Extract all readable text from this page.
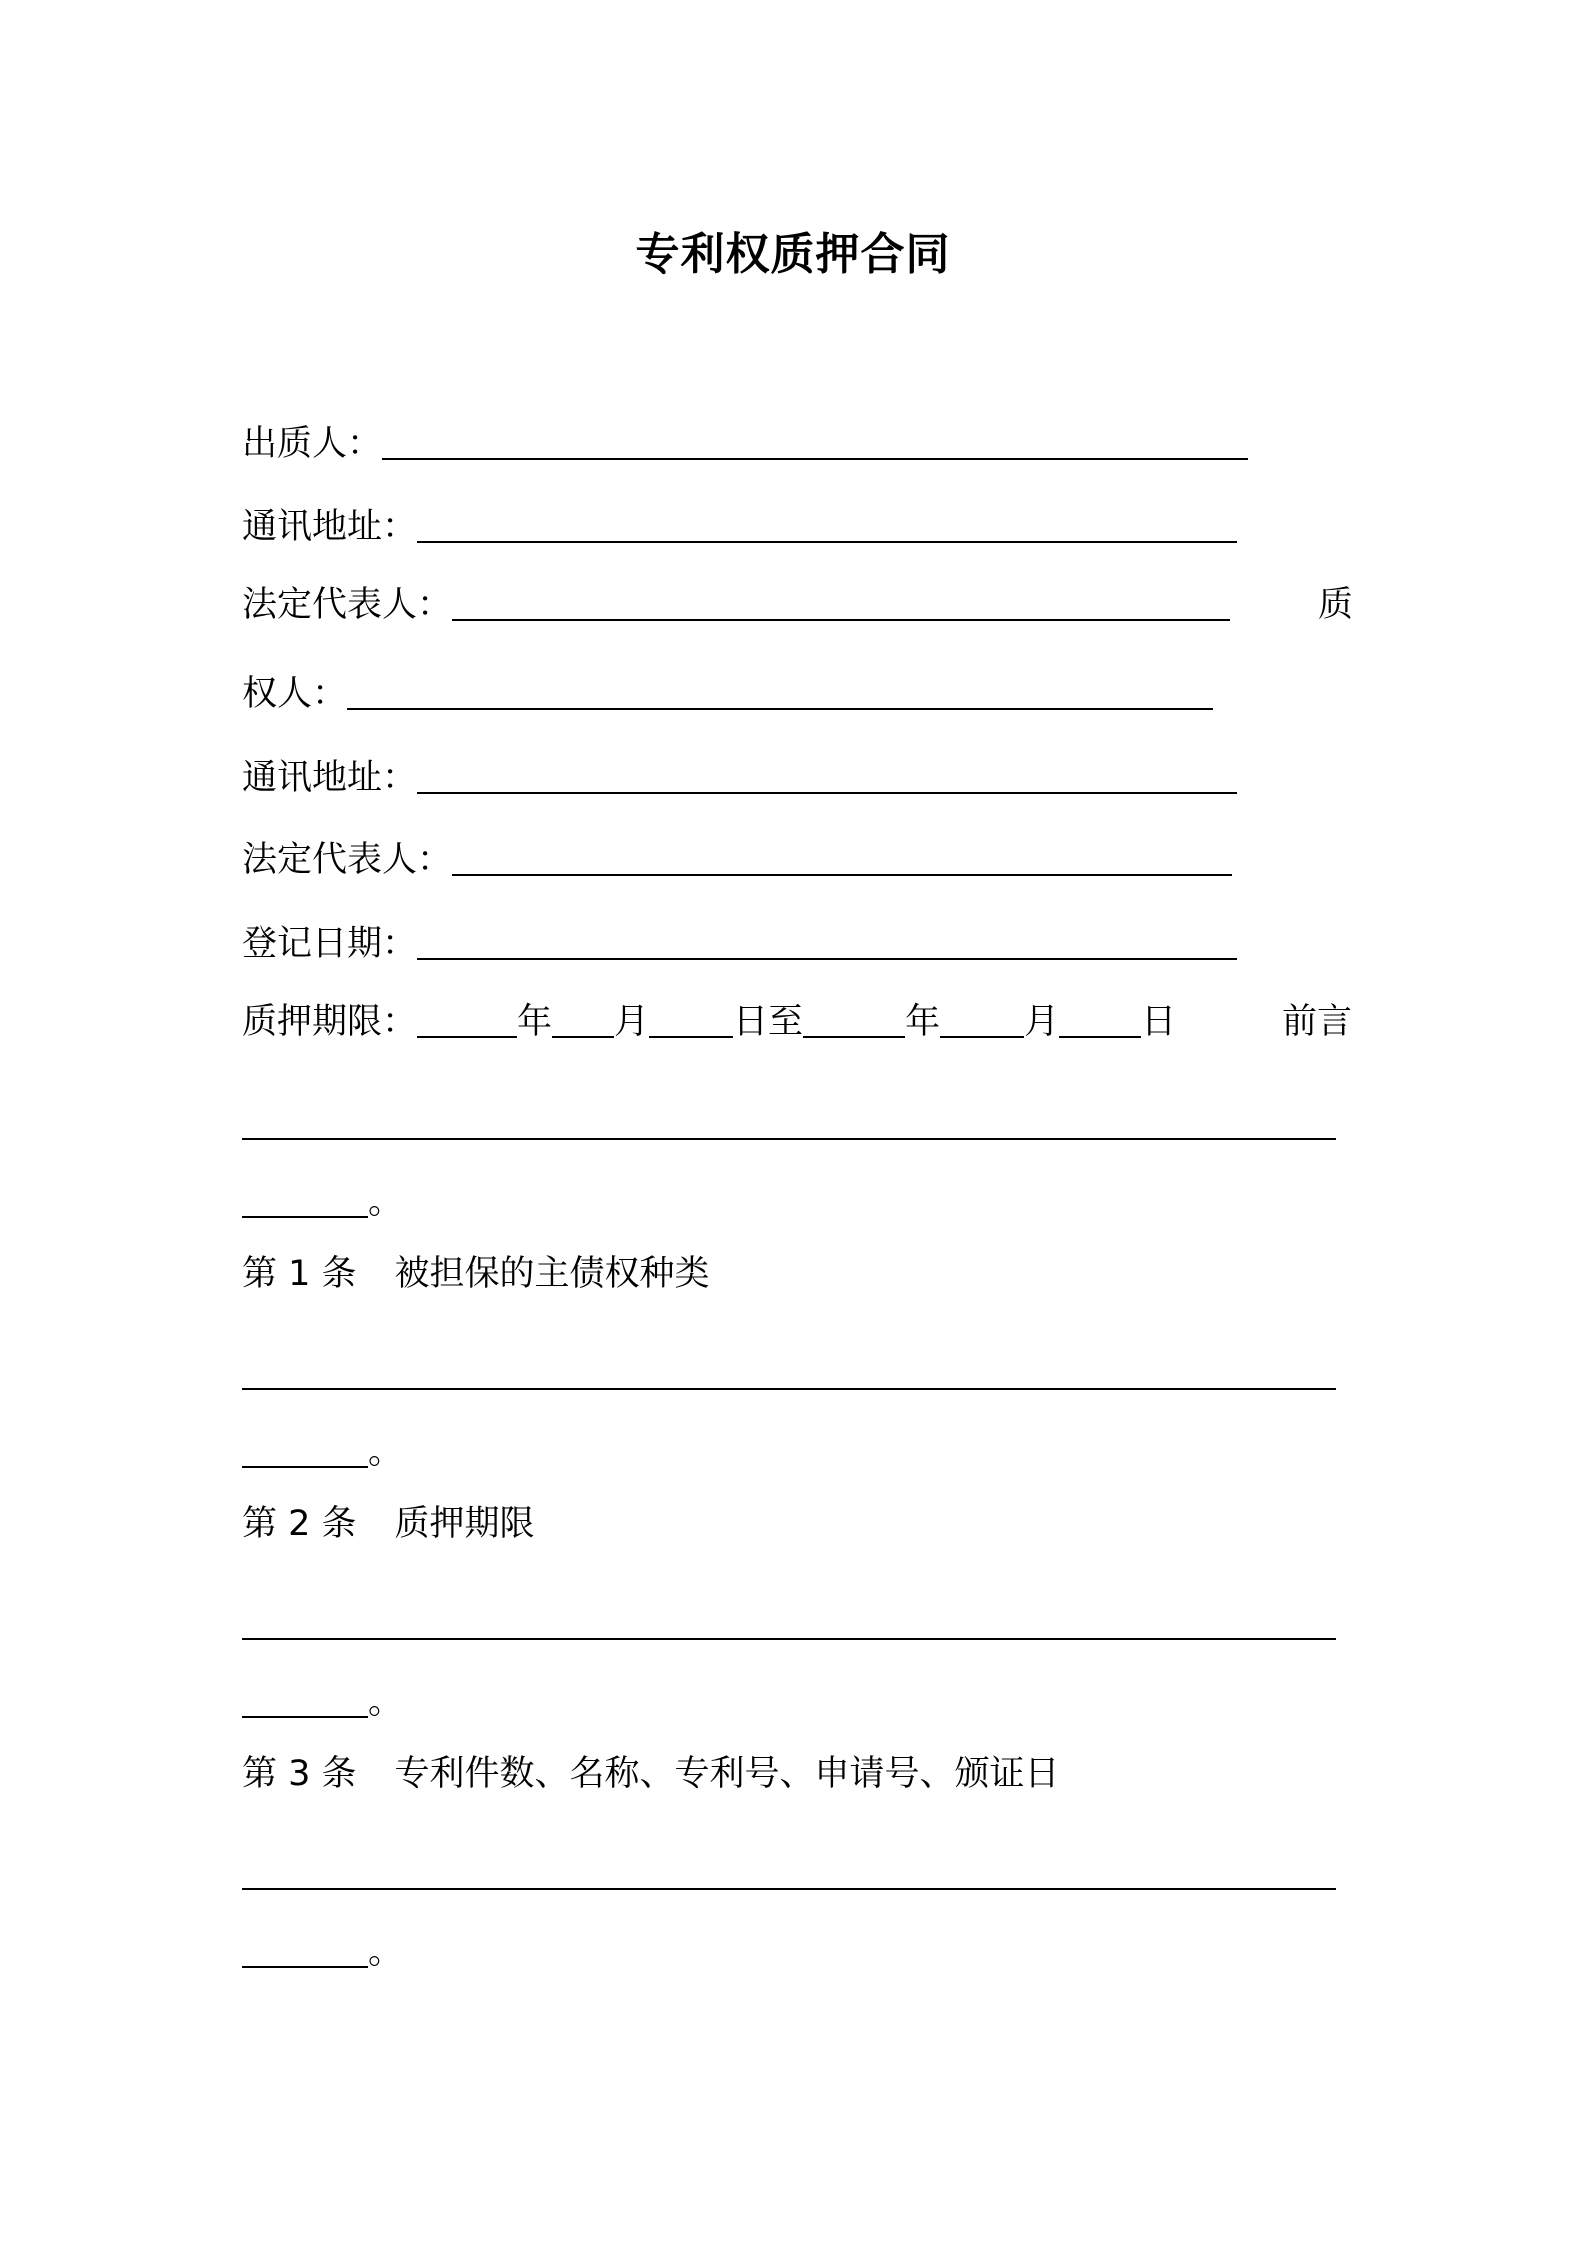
专利权质押合同
出质人：
通讯地址：
法定代表人：	质
权人：
通讯地址：
法定代表人：
登记日期：
质押期限：	年 月 日至	年 月 日	前言
。
第 1 条 被担保的主债权种类
。
第 2 条 质押期限
。
第 3 条 专利件数、名称、专利号、申请号、颁证日
。
